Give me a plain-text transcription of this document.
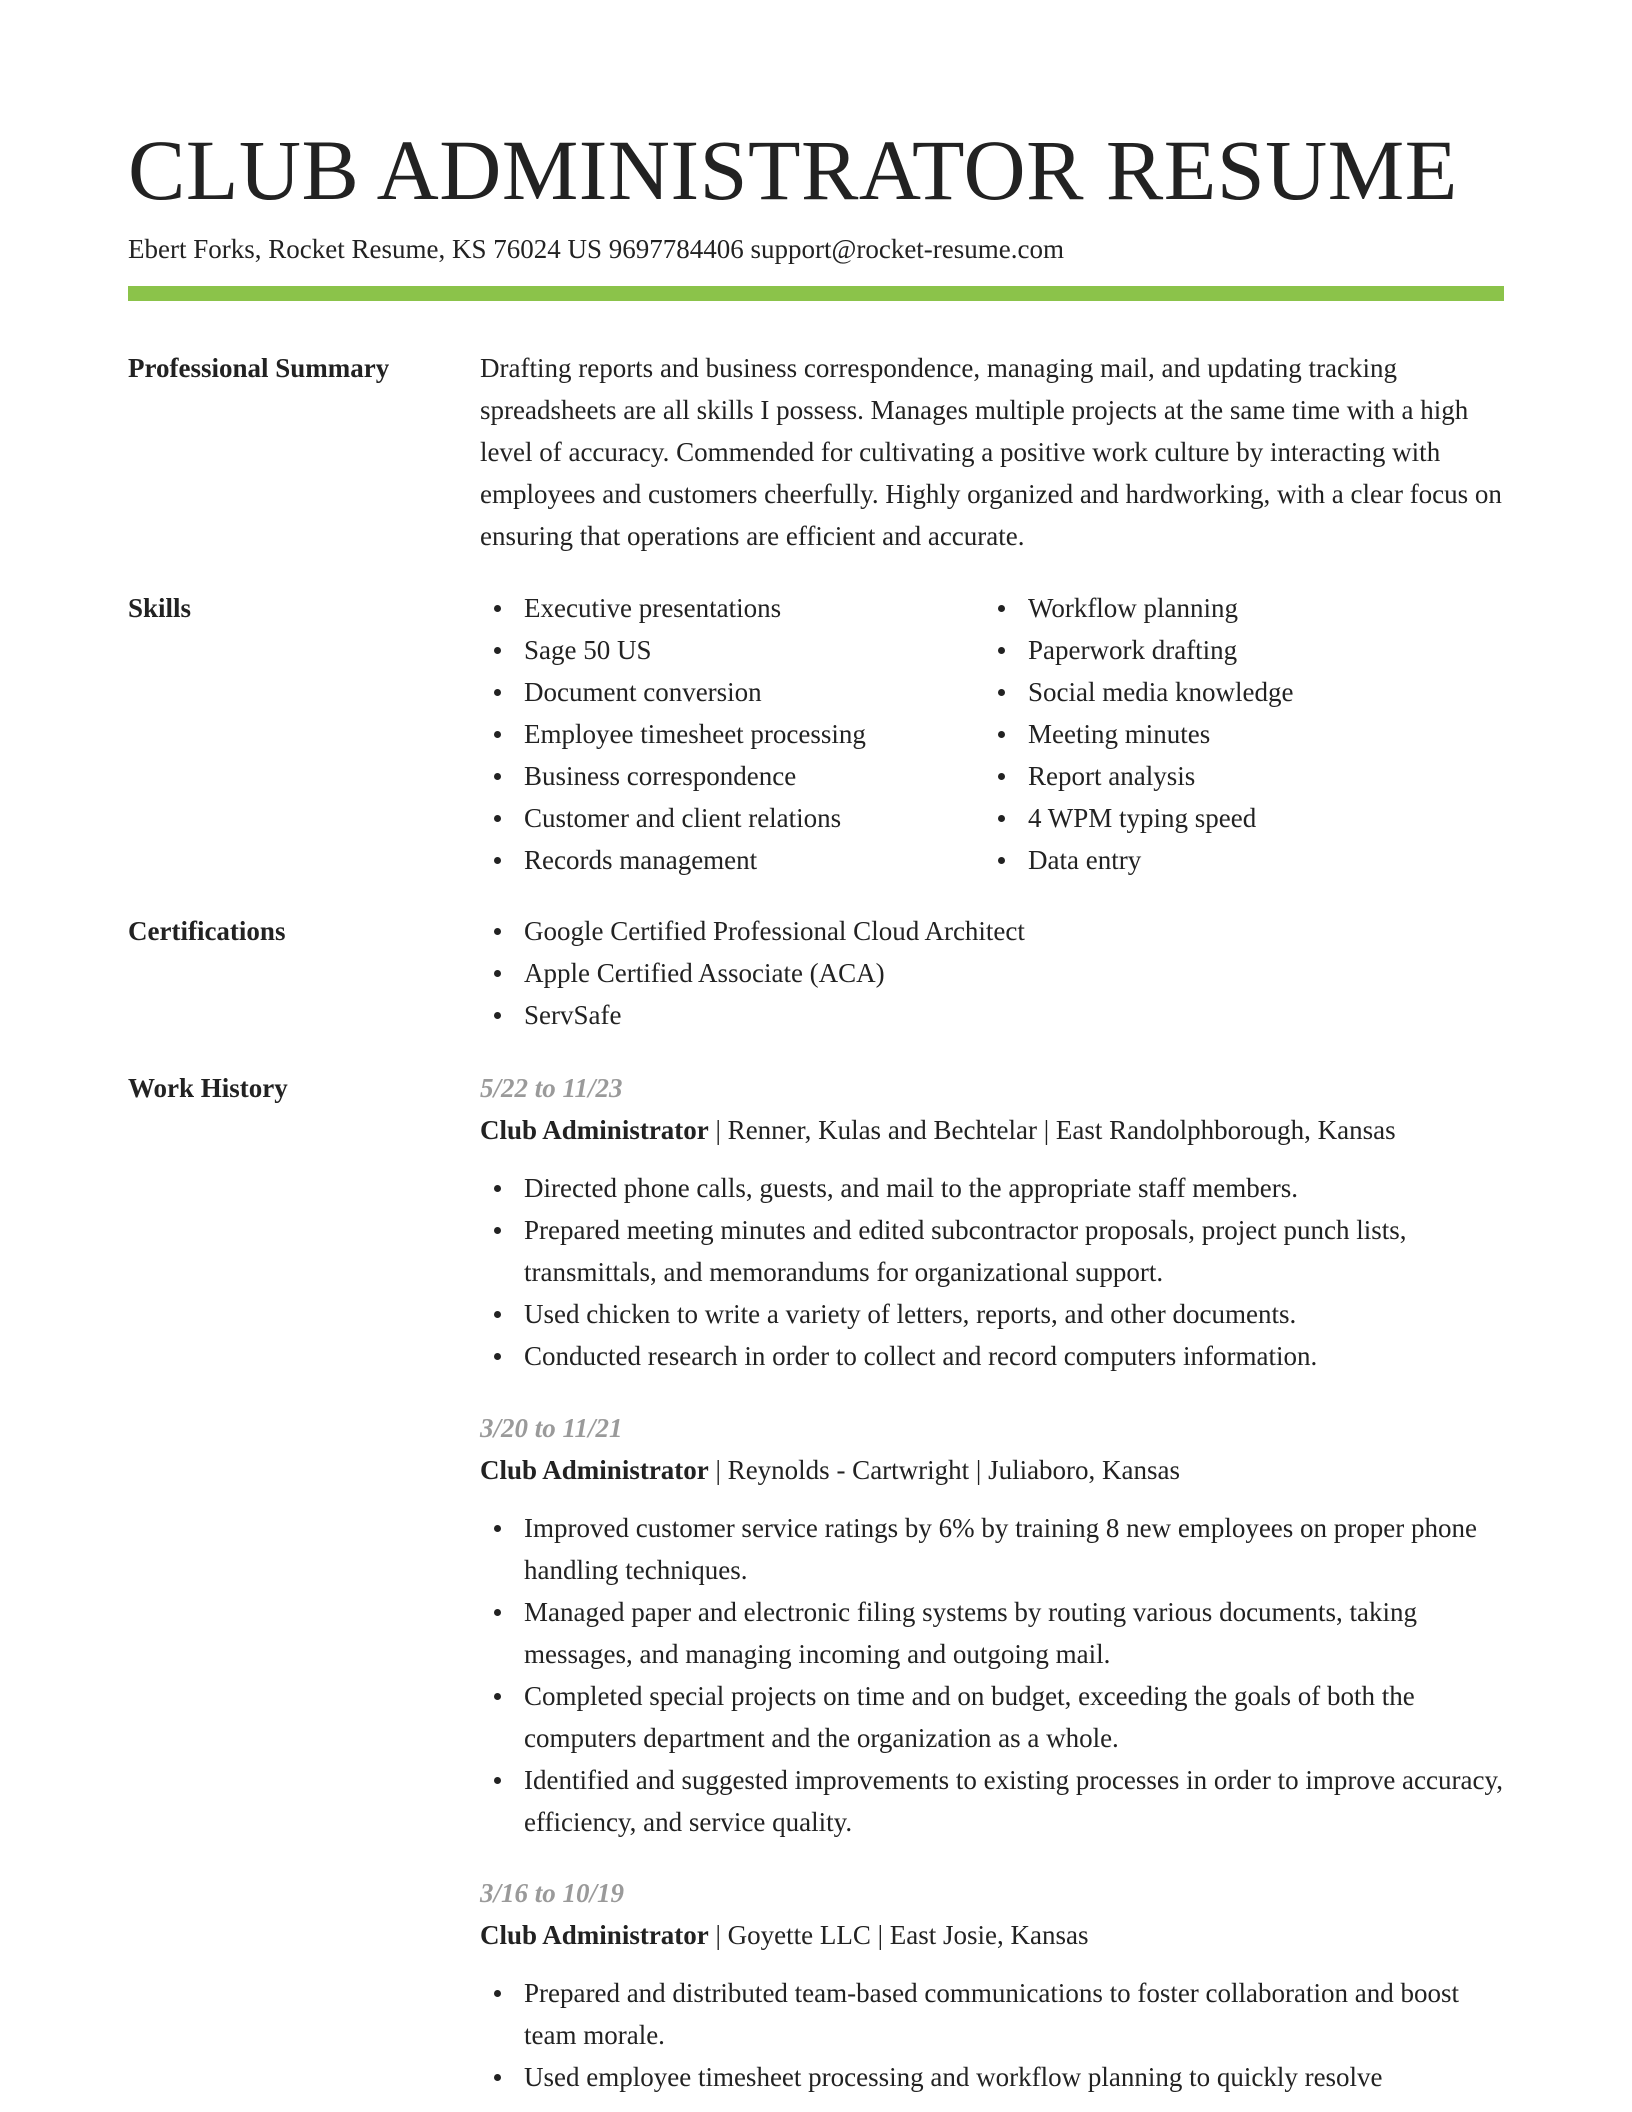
CLUB ADMINISTRATOR RESUME
Ebert Forks, Rocket Resume, KS 76024 US 9697784406 support@rocket-resume.com
Professional Summary	Drafting reports and business correspondence, managing mail, and updating tracking spreadsheets are all skills I possess. Manages multiple projects at the same time with a high level of accuracy. Commended for cultivating a positive work culture by interacting with employees and customers cheerfully. Highly organized and hardworking, with a clear focus on ensuring that operations are efficient and accurate.

Skills	Executive presentations
Sage 50 US
Document conversion
Employee timesheet processing
Business correspondence
Customer and client relations
Records management
Workflow planning
Paperwork drafting
Social media knowledge
Meeting minutes
Report analysis
4 WPM typing speed
Data entry
Certifications	Google Certified Professional Cloud Architect
Apple Certified Associate (ACA)
ServSafe
Work History	5/22 to 11/23
Club Administrator | Renner, Kulas and Bechtelar | East Randolphborough, Kansas
Directed phone calls, guests, and mail to the appropriate staff members.
Prepared meeting minutes and edited subcontractor proposals, project punch lists, transmittals, and memorandums for organizational support.
Used chicken to write a variety of letters, reports, and other documents.
Conducted research in order to collect and record computers information.
3/20 to 11/21
Club Administrator | Reynolds - Cartwright | Juliaboro, Kansas
Improved customer service ratings by 6% by training 8 new employees on proper phone handling techniques.
Managed paper and electronic filing systems by routing various documents, taking messages, and managing incoming and outgoing mail.
Completed special projects on time and on budget, exceeding the goals of both the computers department and the organization as a whole.
Identified and suggested improvements to existing processes in order to improve accuracy, efficiency, and service quality.
3/16 to 10/19
Club Administrator | Goyette LLC | East Josie, Kansas
Prepared and distributed team-based communications to foster collaboration and boost team morale.
Used employee timesheet processing and workflow planning to quickly resolve
